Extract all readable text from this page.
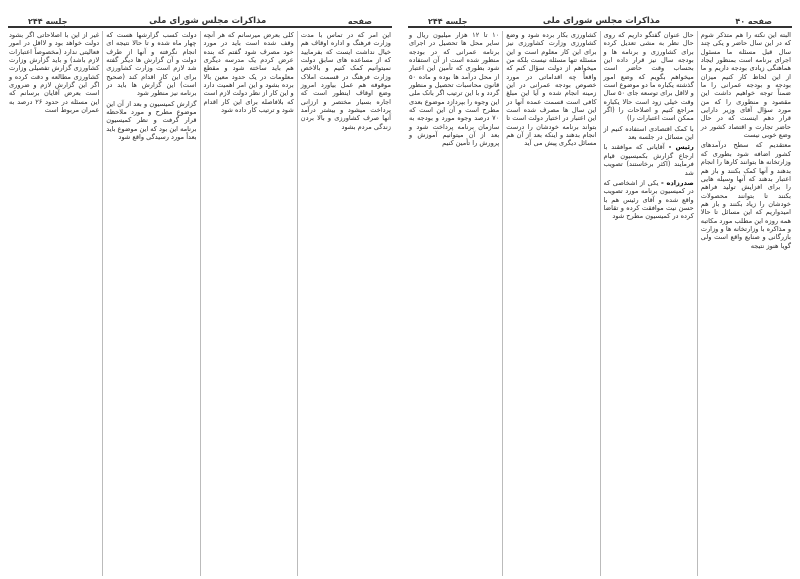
صفحه ۴۰
مذاکرات مجلس شورای ملی
جلسه ۲۴۴

البته این نکته را هم متذکر شوم که در این سال حاضر و یکی چند سال قبل مسئله ما مسئول اجرای برنامه است بمنظور ایجاد هماهنگی زیادی بودجه داریم و ما از این لحاظ کار کنیم میزان بودجه و بودجه عمرانی را ما ضمناً توجه خواهیم داشت این مقصود و منظوری را که من مورد سؤال آقای وزیر دارایی قرار دهم اینست که در حال حاضر تجارت و اقتصاد کشور در وضع خوبی نیست

معتقدیم که سطح درآمدهای کشور اضافه شود بطوری که وزارتخانه ها بتوانند کارها را انجام بدهند و آنها کمک بکنند و باز هم اعتبار بدهند که آنها وسیله هایی را برای افزایش تولید فراهم بکنند تا بتوانند محصولات خودشان را زیاد بکنند و باز هم امیدواریم که این مسائل تا حالا همه روزه این مطلب مورد مکاتبه و مذاکره با وزارتخانه ها و وزارت بازرگانی و صنایع واقع است ولی گویا هنوز نتیجه

حال عنوان گفتگو داریم که روی حال نظر به مشی تعدیل کرده برای کشاورزی و برنامه ها و بودجه سال نیز قرار داده این بحساب وقت حاضر است میخواهم بگویم که وضع امور گذشته یکباره ما دو موضوع است و لااقل برای توسعه جای ۵۰ سال وقت خیلی زود است حالا یکباره مراجع کنیم و اصلاحات را (اگر ممکن است اعتبارات را)

با کمک اقتصادی استفاده کنیم از این مسائل در جلسه بعد

رئیس - آقایانی که موافقند با ارجاع گزارش بکمیسیون قیام فرمایند (اکثر برخاستند) تصویب شد

صدرزاده - یکی از اشخاصی که در کمیسیون برنامه مورد تصویب واقع شده و آقای رئیس هم با حسن نیت موافقت کرده و تقاضا کرده در کمیسیون مطرح شود

کشاورزی بکار برده شود و وضع کشاورزی وزارت کشاورزی نیز برای این کار معلوم است و این مسئله تنها مسئله نیست بلکه من میخواهم از دولت سؤال کنم که واقعاً چه اقداماتی در مورد خصوص بودجه عمرانی در این زمینه انجام شده و آیا این مبلغ کافی است قسمت عمده آنها در این سال ها مصرف شده است این اعتبار در اختیار دولت است تا بتواند برنامه خودشان را درست انجام بدهند و اینکه بعد از آن هم مسائل دیگری پیش می آید

۱۰ تا ۱۲ هزار میلیون ریال و سایر محل ها تحصیل در اجرای برنامه عمرانی که در بودجه منظور شده است از آن استفاده شود بطوری که تأمین این اعتبار از محل درآمد ها بوده و ماده ۵۰ قانون محاسبات تحصیل و منظور گردد و با این ترتیب اگر بانک ملی این وجوه را بپردازد موضوع بعدی مطرح است و آن این است که ۷۰ درصد وجوه مورد و بودجه به سازمان برنامه پرداخت شود و بعد از آن میتوانیم آموزش و پرورش را تأمین کنیم

صفحه
مذاکرات مجلس شورای ملی
جلسه ۲۴۴

این امر که در تماس با مدت وزارت فرهنگ و اداره اوقاف هم خیال نداشت ایست که بفرمایید که از مساعده های سابق دولت نمیتوانیم کمک کنیم و بالاخص وزارت فرهنگ در قسمت املاک موقوفه هم عمل بیاورد امروز وضع اوقاف اینطور است که اجاره بسیار مختصر و ارزانی پرداخت میشود و بیشتر درآمد آنها صرف کشاورزی و بالا بردن زندگی مردم بشود

کلی بعرض میرسانم که هر آنچه وقف شده است باید در مورد خود مصرف شود گفتم که بنده عرض کردم یک مدرسه دیگری هم باید ساخته شود و مقطع معلومات در یک حدود معین بالا برده بشود و این امر اهمیت دارد و این کار از نظر دولت لازم است که بلافاصله برای این کار اقدام شود و ترتیب کار داده شود

دولت کسب گزارشها هست که چهار ماه شده و تا حالا نتیجه ای انجام نگرفته و آنها از طرف دولت و آن گزارش ها دیگر گفته شد لازم است وزارت کشاورزی برای این کار اقدام کند (صحیح است) این گزارش ها باید در برنامه نیز منظور شود

گزارش کمیسیون و بعد از آن این موضوع مطرح و مورد ملاحظه قرار گرفت و نظر کمیسیون برنامه این بود که این موضوع باید بعداً مورد رسیدگی واقع شود

غیر از این با اصلاحاتی اگر بشود دولت خواهد بود و لااقل در امور فعالیتی ندارد (مخصوصاً اعتبارات لازم باشد) و باید گزارش وزارت کشاورزی گزارش تفصیلی وزارت کشاورزی مطالعه و دقت کرده و اگر این گزارش لازم و ضروری است بعرض آقایان برسانم که این مسئله در حدود ۲۶ درصد به عمران مربوط است
